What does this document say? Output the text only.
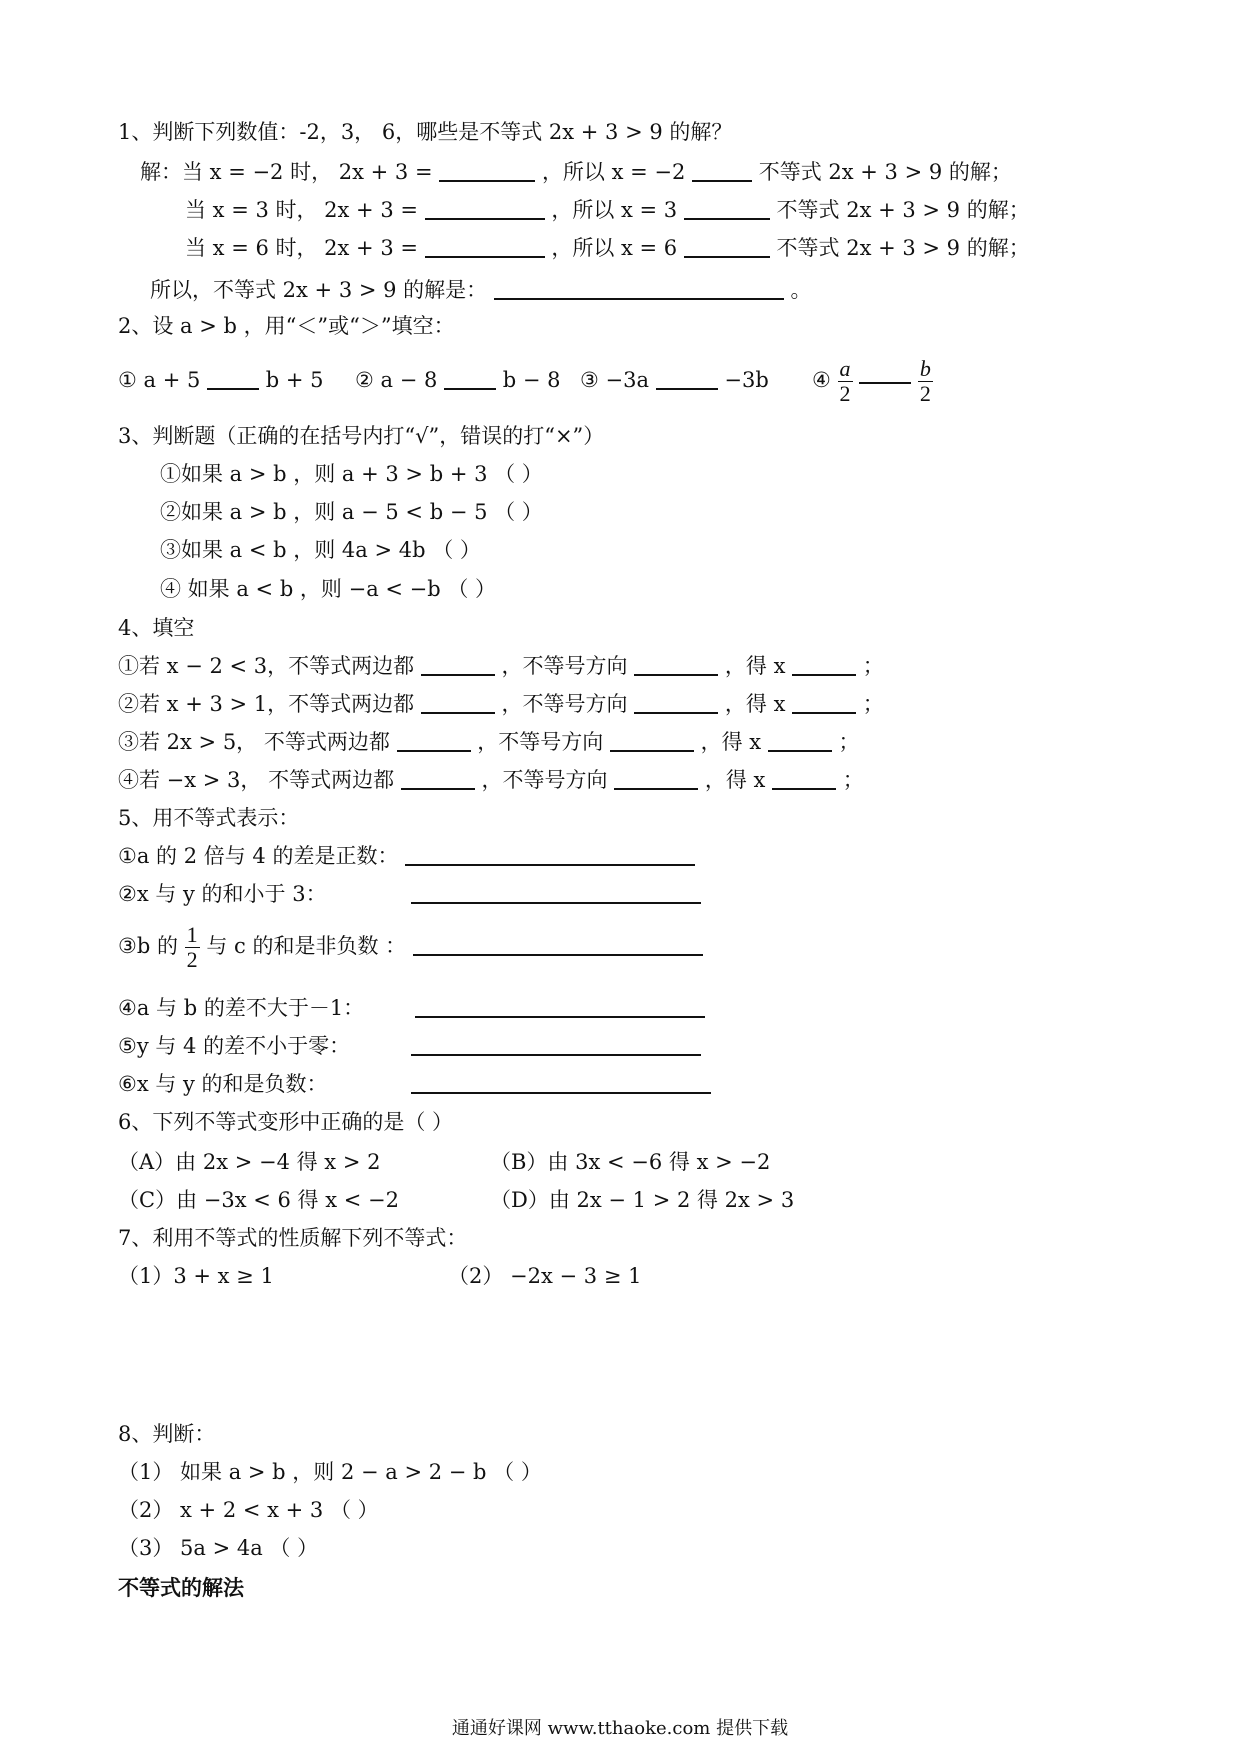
1、判断下列数值：-2，3， 6，哪些是不等式 2x + 3 > 9 的解？
解：当 x = −2 时， 2x + 3 =	，所以 x = −2	不等式 2x + 3 > 9 的解；
当 x = 3 时， 2x + 3 =	，所以 x = 3	不等式 2x + 3 > 9 的解；
当 x = 6 时， 2x + 3 =	，所以 x = 6	不等式 2x + 3 > 9 的解；
所以，不等式 2x + 3 > 9 的解是：	。
2、设 a > b ，用“＜”或“＞”填空：
① a + 5	b + 5 ② a − 8	b − 8 ③ −3a	−3b ④ $\frac{a}{2}$
	$\frac{b}{2}$
3、判断题（正确的在括号内打“√”，错误的打“×”）
①如果 a > b ，则 a + 3 > b + 3 （ ）
②如果 a > b ，则 a − 5 < b − 5 （ ）
③如果 a < b ，则 4a > 4b （ ）
④ 如果 a < b ，则 −a < −b （ ）
4、填空
①若 x − 2 < 3，不等式两边都	，不等号方向	，得 x	；
②若 x + 3 > 1，不等式两边都	，不等号方向	，得 x	；
③若 2x > 5， 不等式两边都	，不等号方向	，得 x	；
④若 −x > 3， 不等式两边都	，不等号方向	，得 x	；
5、用不等式表示：
①a 的 2 倍与 4 的差是正数：
②x 与 y 的和小于 3：
③b 的 $\frac{1}{2}$ 与 c 的和是非负数 ：
④a 与 b 的差不大于－1：
⑤y 与 4 的差不小于零：
⑥x 与 y 的和是负数：
6、下列不等式变形中正确的是（ ）
（A）由 2x > −4 得 x > 2	（B）由 3x < −6 得 x > −2
（C）由 −3x < 6 得 x < −2	（D）由 2x − 1 > 2 得 2x > 3
7、利用不等式的性质解下列不等式：
（1）3 + x ≥ 1	（2） −2x − 3 ≥ 1
8、判断：
（1） 如果 a > b ，则 2 − a > 2 − b （ ）
（2） x + 2 < x + 3 （ ）
（3） 5a > 4a （ ）
不等式的解法
通通好课网 www.tthaoke.com 提供下载
